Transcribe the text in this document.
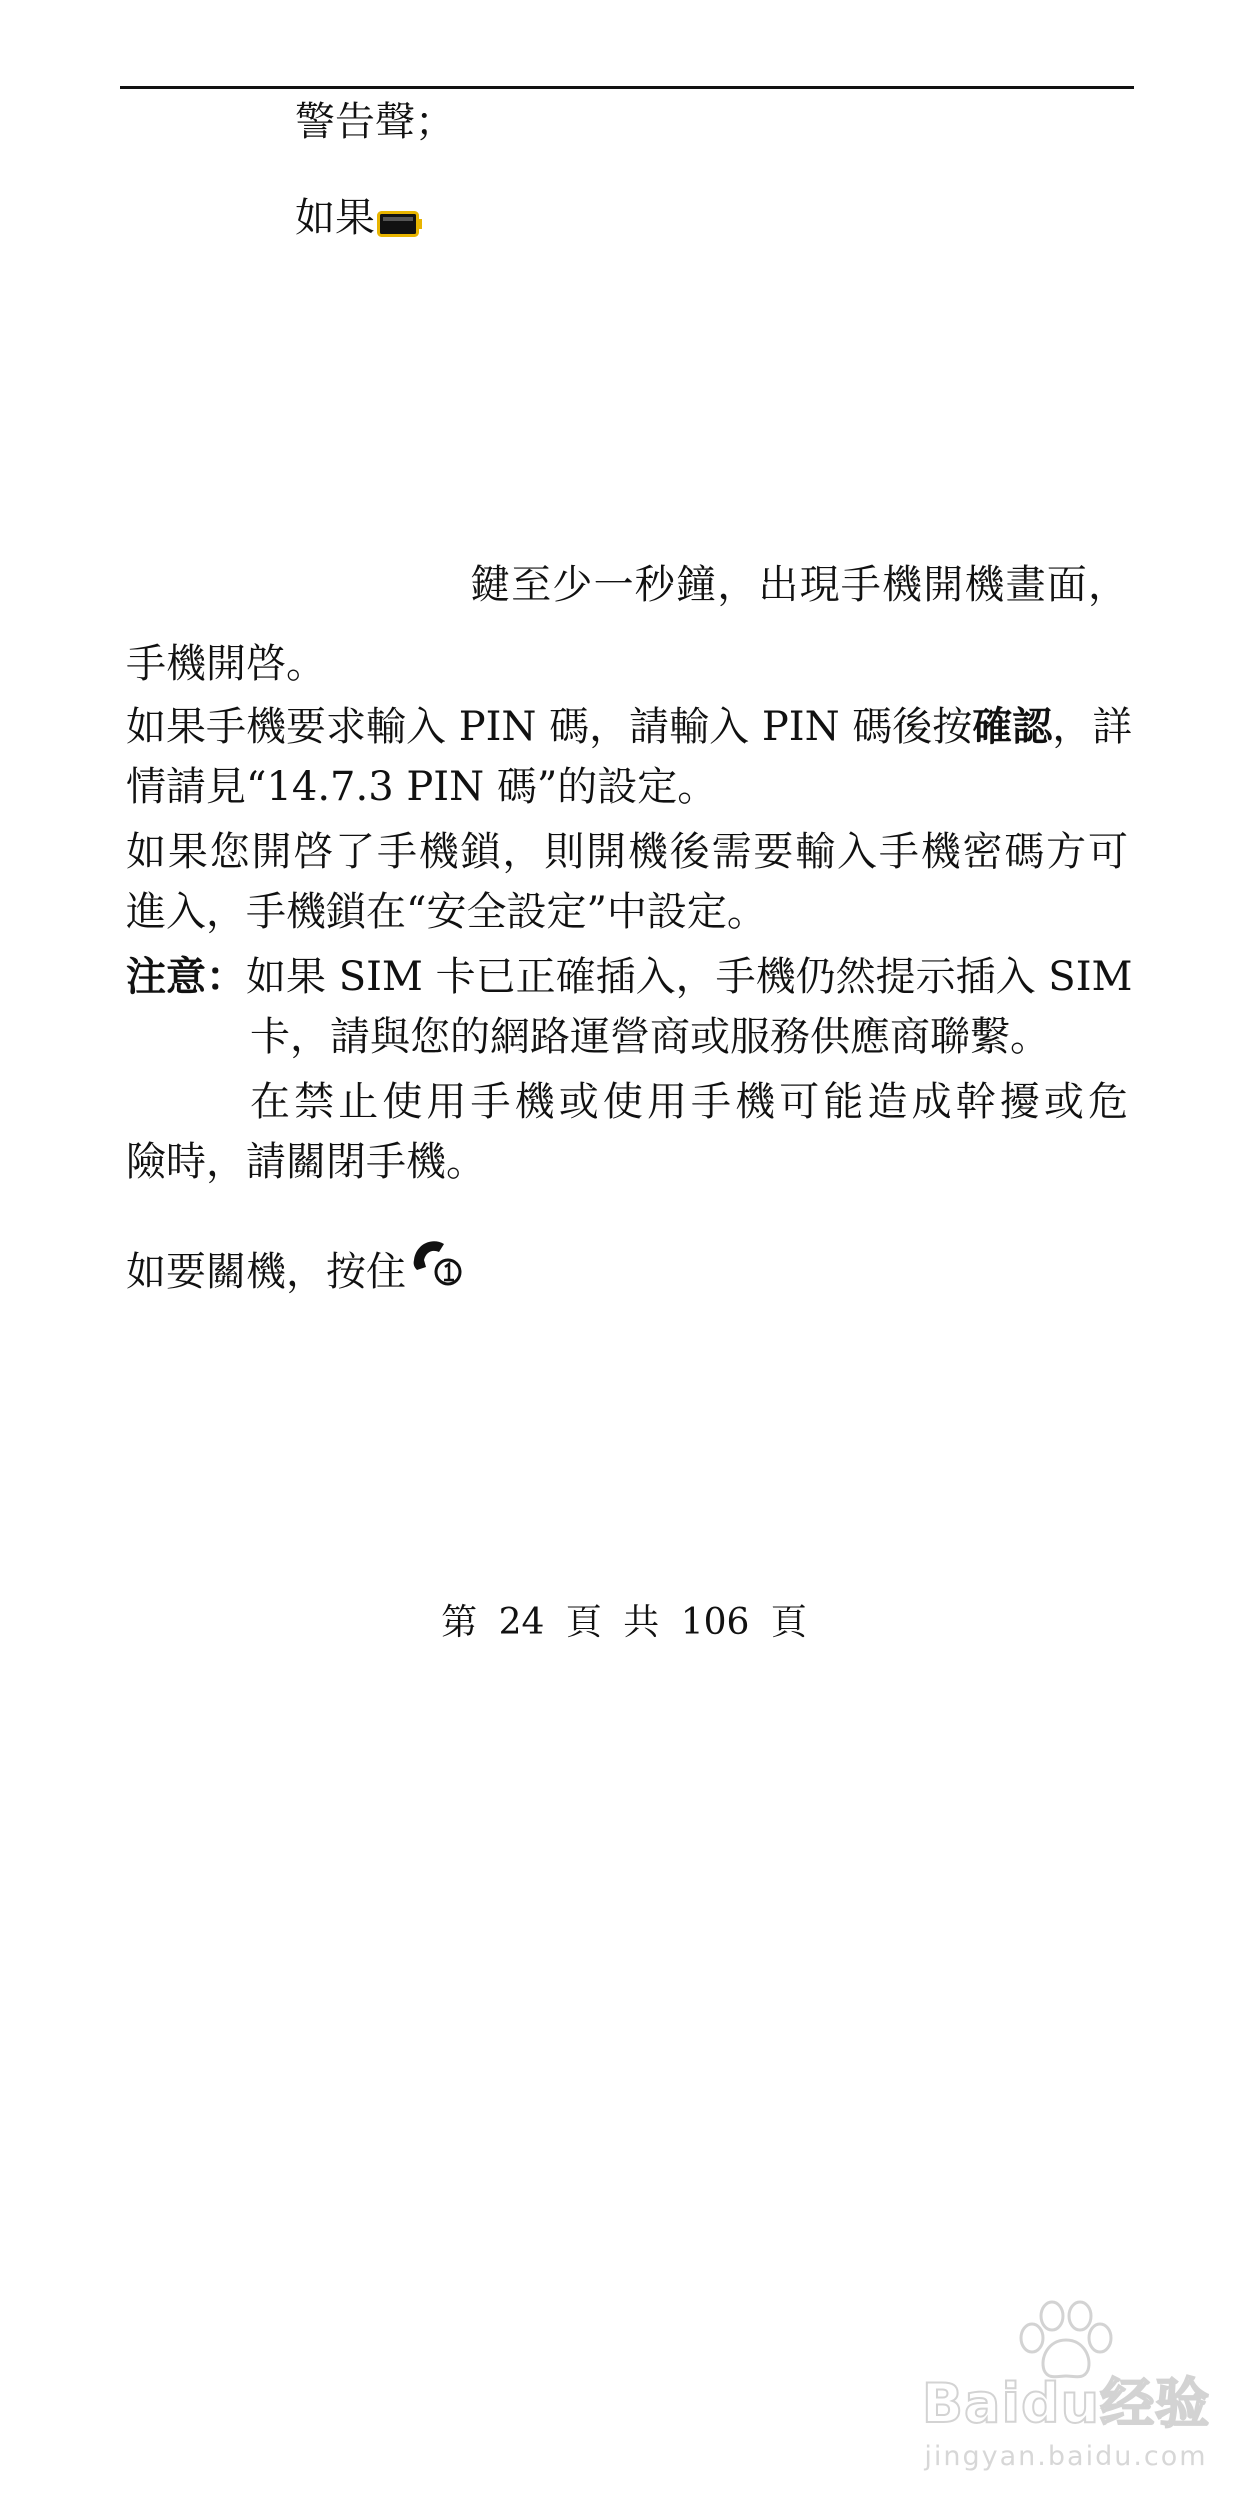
警告聲；
如果
鍵至少一秒鐘，出現手機開機畫面，
手機開啓。
如果手機要求輸入 PIN 碼，請輸入 PIN 碼後按確認，詳
情請見“14.7.3 PIN 碼”的設定。
如果您開啓了手機鎖，則開機後需要輸入手機密碼方可
進入，手機鎖在“安全設定”中設定。
注意：如果 SIM 卡已正確插入，手機仍然提示插入 SIM
卡，請與您的網路運營商或服務供應商聯繫。
在禁止使用手機或使用手機可能造成幹擾或危
險時，請關閉手機。
如要關機，按住
第 24 頁 共 106 頁
Baidu经验
jingyan.baidu.com
